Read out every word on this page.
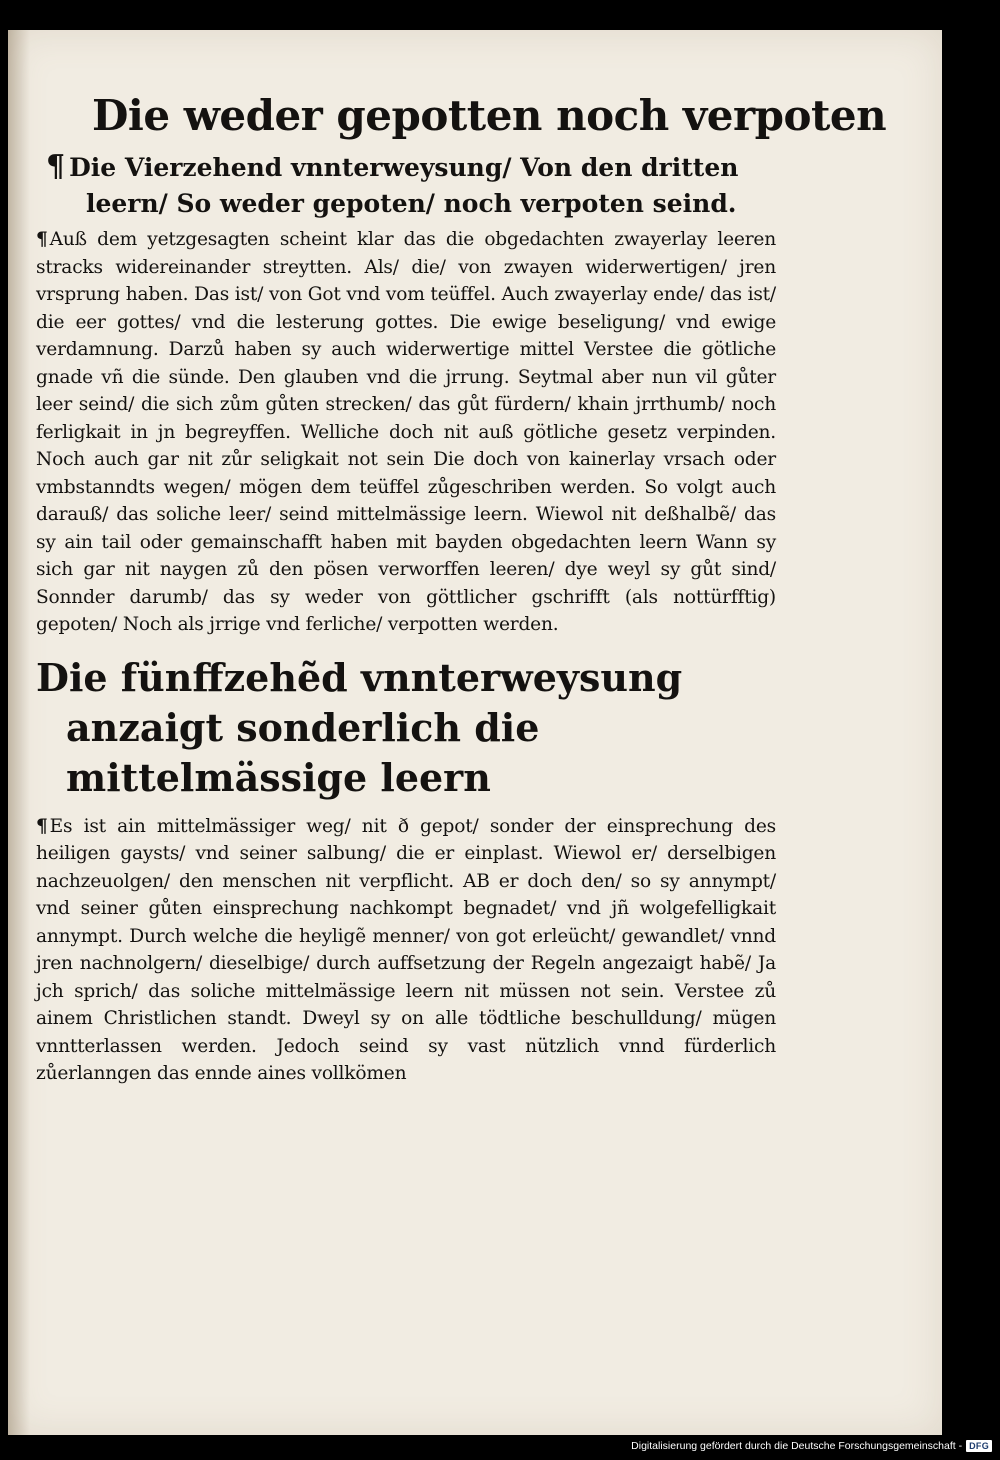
Die weder gepotten noch verpoten
¶ Die Vierzehend vnnterweysung/ Von den dritten leern/ So weder gepoten/ noch verpoten seind.

¶ Auß dem yetzgesagten scheint klar das die obgedachten zwayerlay leeren stracks widereinander streytten. Als/ die/ von zwayen widerwertigen/ jren vrsprung haben. Das ist/ von Got vnd vom teüffel. Auch zwayerlay ende/ das ist/ die eer gottes/ vnd die lesterung gottes. Die ewige beseligung/ vnd ewige verdamnung. Darzů haben sy auch widerwertige mittel Verstee die götliche gnade vñ die sünde. Den glauben vnd die jrrung. Seytmal aber nun vil gůter leer seind/ die sich zům gůten strecken/ das gůt fürdern/ khain jrrthumb/ noch ferligkait in jn begreyffen. Welliche doch nit auß götliche gesetz verpinden. Noch auch gar nit zůr seligkait not sein Die doch von kainerlay vrsach oder vmbstanndts wegen/ mögen dem teüffel zůgeschriben werden. So volgt auch darauß/ das soliche leer/ seind mittelmässige leern. Wiewol nit deßhalbẽ/ das sy ain tail oder gemainschafft haben mit bayden obgedachten leern Wann sy sich gar nit naygen zů den pösen verworffen leeren/ dye weyl sy gůt sind/ Sonnder darumb/ das sy weder von göttlicher gschrifft (als nottürfftig) gepoten/ Noch als jrrige vnd ferliche/ verpotten werden.

Die fünffzehẽd vnnterweysung anzaigt sonderlich die mittelmässige leern

¶ Es ist ain mittelmässiger weg/ nit ð gepot/ sonder der einsprechung des heiligen gaysts/ vnd seiner salbung/ die er einplast. Wiewol er/ derselbigen nachzeuolgen/ den menschen nit verpflicht. AB er doch den/ so sy annympt/ vnd seiner gůten einsprechung nachkompt begnadet/ vnd jñ wolgefelligkait annympt. Durch welche die heyligẽ menner/ von got erleücht/ gewandlet/ vnnd jren nachnolgern/ dieselbige/ durch auffsetzung der Regeln angezaigt habẽ/ Ja jch sprich/ das soliche mittelmässige leern nit müssen not sein. Verstee zů ainem Christlichen standt. Dweyl sy on alle tödtliche beschulldung/ mügen vnntterlassen werden. Jedoch seind sy vast nützlich vnnd fürderlich zůerlanngen das ennde aines vollkömen

Digitalisierung gefördert durch die Deutsche Forschungsgemeinschaft - DFG
